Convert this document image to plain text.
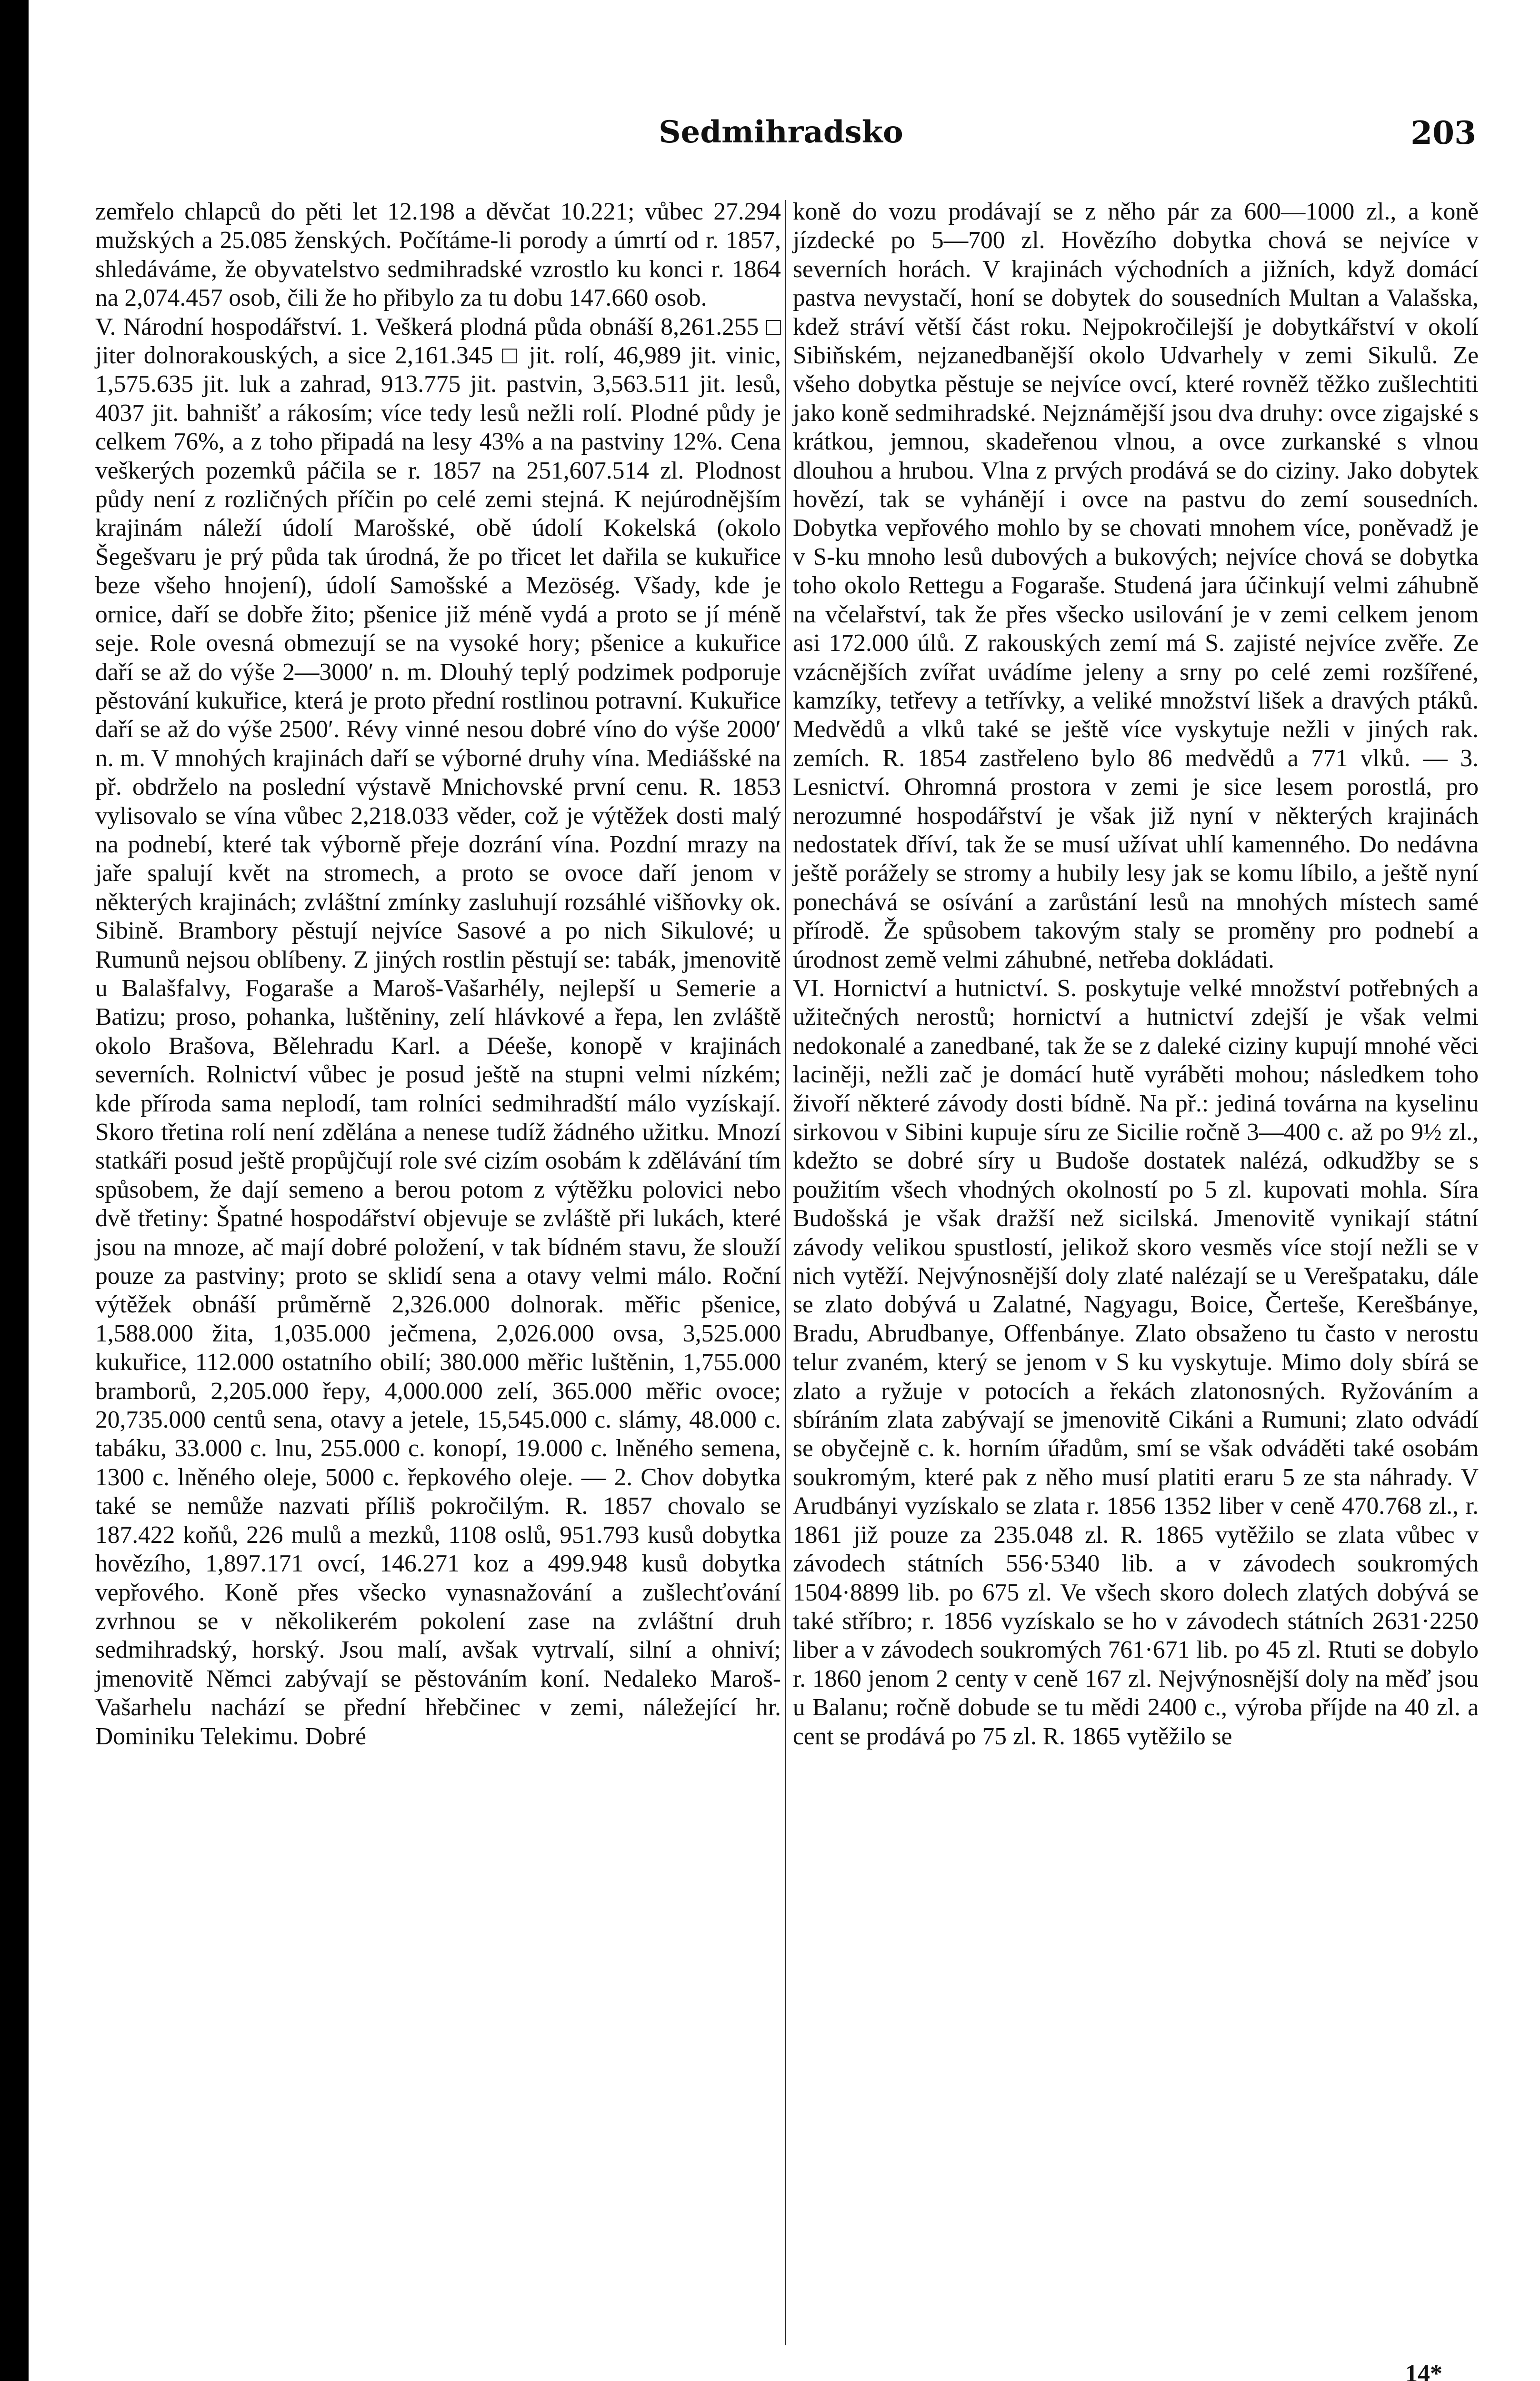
Sedmihradsko	203

zemřelo chlapců do pěti let 12.198 a děvčat 10.221; vůbec 27.294 mužských a 25.085 ženských. Počítáme-li porody a úmrtí od r. 1857, shledáváme, že obyvatelstvo sedmihradské vzrostlo ku konci r. 1864 na 2,074.457 osob, čili že ho přibylo za tu dobu 147.660 osob.

V. Národní hospodářství. 1. Veškerá plodná půda obnáší 8,261.255 □ jiter dolnorakouských, a sice 2,161.345 □ jit. rolí, 46,989 jit. vinic, 1,575.635 jit. luk a zahrad, 913.775 jit. pastvin, 3,563.511 jit. lesů, 4037 jit. bahnišť a rákosím; více tedy lesů nežli rolí. Plodné půdy je celkem 76%, a z toho připadá na lesy 43% a na pastviny 12%. Cena veškerých pozemků páčila se r. 1857 na 251,607.514 zl. Plodnost půdy není z rozličných příčin po celé zemi stejná. K nejúrodnějším krajinám náleží údolí Marošské, obě údolí Kokelská (okolo Šegešvaru je prý půda tak úrodná, že po třicet let dařila se kukuřice beze všeho hnojení), údolí Samošské a Mezöség. Všady, kde je ornice, daří se dobře žito; pšenice již méně vydá a proto se jí méně seje. Role ovesná obmezují se na vysoké hory; pšenice a kukuřice daří se až do výše 2—3000′ n. m. Dlouhý teplý podzimek podporuje pěstování kukuřice, která je proto přední rostlinou potravní. Kukuřice daří se až do výše 2500′. Révy vinné nesou dobré víno do výše 2000′ n. m. V mnohých krajinách daří se výborné druhy vína. Mediášské na př. obdrželo na poslední výstavě Mnichovské první cenu. R. 1853 vylisovalo se vína vůbec 2,218.033 věder, což je výtěžek dosti malý na podnebí, které tak výborně přeje dozrání vína. Pozdní mrazy na jaře spalují květ na stromech, a proto se ovoce daří jenom v některých krajinách; zvláštní zmínky zasluhují rozsáhlé višňovky ok. Sibině. Brambory pěstují nejvíce Sasové a po nich Sikulové; u Rumunů nejsou oblíbeny. Z jiných rostlin pěstují se: tabák, jmenovitě u Balašfalvy, Fogaraše a Maroš-Vašarhély, nejlepší u Semerie a Batizu; proso, pohanka, luštěniny, zelí hlávkové a řepa, len zvláště okolo Brašova, Bělehradu Karl. a Déeše, konopě v krajinách severních. Rolnictví vůbec je posud ještě na stupni velmi nízkém; kde příroda sama neplodí, tam rolníci sedmihradští málo vyzískají. Skoro třetina rolí není zdělána a nenese tudíž žádného užitku. Mnozí statkáři posud ještě propůjčují role své cizím osobám k zdělávání tím spůsobem, že dají semeno a berou potom z výtěžku polovici nebo dvě třetiny: Špatné hospodářství objevuje se zvláště při lukách, které jsou na mnoze, ač mají dobré položení, v tak bídném stavu, že slouží pouze za pastviny; proto se sklidí sena a otavy velmi málo. Roční výtěžek obnáší průměrně 2,326.000 dolnorak. měřic pšenice, 1,588.000 žita, 1,035.000 ječmena, 2,026.000 ovsa, 3,525.000 kukuřice, 112.000 ostatního obilí; 380.000 měřic luštěnin, 1,755.000 bramborů, 2,205.000 řepy, 4,000.000 zelí, 365.000 měřic ovoce; 20,735.000 centů sena, otavy a jetele, 15,545.000 c. slámy, 48.000 c. tabáku, 33.000 c. lnu, 255.000 c. konopí, 19.000 c. lněného semena, 1300 c. lněného oleje, 5000 c. řepkového oleje. — 2. Chov dobytka také se nemůže nazvati příliš pokročilým. R. 1857 chovalo se 187.422 koňů, 226 mulů a mezků, 1108 oslů, 951.793 kusů dobytka hovězího, 1,897.171 ovcí, 146.271 koz a 499.948 kusů dobytka vepřového. Koně přes všecko vynasnažování a zušlechťování zvrhnou se v několikerém pokolení zase na zvláštní druh sedmihradský, horský. Jsou malí, avšak vytrvalí, silní a ohniví; jmenovitě Němci zabývají se pěstováním koní. Nedaleko Maroš-Vašarhelu nachází se přední hřebčinec v zemi, náležející hr. Dominiku Telekimu. Dobré

koně do vozu prodávají se z něho pár za 600—1000 zl., a koně jízdecké po 5—700 zl. Hovězího dobytka chová se nejvíce v severních horách. V krajinách východních a jižních, když domácí pastva nevystačí, honí se dobytek do sousedních Multan a Valašska, kdež stráví větší část roku. Nejpokročilejší je dobytkářství v okolí Sibiňském, nejzanedbanější okolo Udvarhely v zemi Sikulů. Ze všeho dobytka pěstuje se nejvíce ovcí, které rovněž těžko zušlechtiti jako koně sedmihradské. Nejznámější jsou dva druhy: ovce zigajské s krátkou, jemnou, skadeřenou vlnou, a ovce zurkanské s vlnou dlouhou a hrubou. Vlna z prvých prodává se do ciziny. Jako dobytek hovězí, tak se vyhánějí i ovce na pastvu do zemí sousedních. Dobytka vepřového mohlo by se chovati mnohem více, poněvadž je v S-ku mnoho lesů dubových a bukových; nejvíce chová se dobytka toho okolo Rettegu a Fogaraše. Studená jara účinkují velmi záhubně na včelařství, tak že přes všecko usilování je v zemi celkem jenom asi 172.000 úlů. Z rakouských zemí má S. zajisté nejvíce zvěře. Ze vzácnějších zvířat uvádíme jeleny a srny po celé zemi rozšířené, kamzíky, tetřevy a tetřívky, a veliké množství lišek a dravých ptáků. Medvědů a vlků také se ještě více vyskytuje nežli v jiných rak. zemích. R. 1854 zastřeleno bylo 86 medvědů a 771 vlků. — 3. Lesnictví. Ohromná prostora v zemi je sice lesem porostlá, pro nerozumné hospodářství je však již nyní v některých krajinách nedostatek dříví, tak že se musí užívat uhlí kamenného. Do nedávna ještě porážely se stromy a hubily lesy jak se komu líbilo, a ještě nyní ponechává se osívání a zarůstání lesů na mnohých místech samé přírodě. Že spůsobem takovým staly se proměny pro podnebí a úrodnost země velmi záhubné, netřeba dokládati.

VI. Hornictví a hutnictví. S. poskytuje velké množství potřebných a užitečných nerostů; hornictví a hutnictví zdejší je však velmi nedokonalé a zanedbané, tak že se z daleké ciziny kupují mnohé věci laciněji, nežli zač je domácí hutě vyráběti mohou; následkem toho živoří některé závody dosti bídně. Na př.: jediná továrna na kyselinu sirkovou v Sibini kupuje síru ze Sicilie ročně 3—400 c. až po 9½ zl., kdežto se dobré síry u Budoše dostatek nalézá, odkudžby se s použitím všech vhodných okolností po 5 zl. kupovati mohla. Síra Budošská je však dražší než sicilská. Jmenovitě vynikají státní závody velikou spustlostí, jelikož skoro vesměs více stojí nežli se v nich vytěží. Nejvýnosnější doly zlaté nalézají se u Verešpataku, dále se zlato dobývá u Zalatné, Nagyagu, Boice, Čerteše, Kerešbánye, Bradu, Abrudbanye, Offenbánye. Zlato obsaženo tu často v nerostu telur zvaném, který se jenom v S ku vyskytuje. Mimo doly sbírá se zlato a ryžuje v potocích a řekách zlatonosných. Ryžováním a sbíráním zlata zabývají se jmenovitě Cikáni a Rumuni; zlato odvádí se obyčejně c. k. horním úřadům, smí se však odváděti také osobám soukromým, které pak z něho musí platiti eraru 5 ze sta náhrady. V Arudbányi vyzískalo se zlata r. 1856 1352 liber v ceně 470.768 zl., r. 1861 již pouze za 235.048 zl. R. 1865 vytěžilo se zlata vůbec v závodech státních 556·5340 lib. a v závodech soukromých 1504·8899 lib. po 675 zl. Ve všech skoro dolech zlatých dobývá se také stříbro; r. 1856 vyzískalo se ho v závodech státních 2631·2250 liber a v závodech soukromých 761·671 lib. po 45 zl. Rtuti se dobylo r. 1860 jenom 2 centy v ceně 167 zl. Nejvýnosnější doly na měď jsou u Balanu; ročně dobude se tu mědi 2400 c., výroba příjde na 40 zl. a cent se prodává po 75 zl. R. 1865 vytěžilo se

14*
